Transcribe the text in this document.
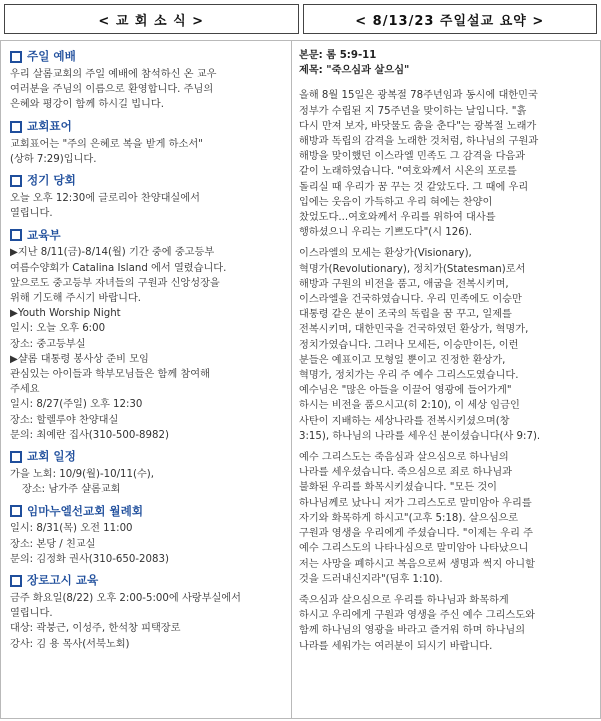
< 교 회 소 식 >	< 8/13/23 주일설교 요약 >
주일 예배
우리 살롬교회의 주일 예배에 참석하신 온 교우
여러분을 주님의 이름으로 환영합니다. 주님의
은혜와 평강이 함께 하시길 빕니다.
교회표어
교회표어는 "주의 은혜로 복을 받게 하소서"
(상하 7:29)입니다.
정기 당회
오늘 오후 12:30에 글로리아 찬양대실에서
열립니다.
교육부
▶지난 8/11(금)-8/14(월) 기간 중에 중고등부
여름수양회가 Catalina Island 에서 열렸습니다.
앞으로도 중고등부 자녀들의 구원과 신앙성장을
위해 기도해 주시기 바랍니다.
▶Youth Worship Night
일시: 오늘 오후 6:00
장소: 중고등부실
▶샬롬 대통령 봉사상 준비 모임
관심있는 아이들과 학부모님들은 함께 참여해
주세요
일시: 8/27(주일) 오후 12:30
장소: 할렐루야 찬양대실
문의: 최예란 집사(310-500-8982)
교회 일정
가을 노회: 10/9(월)-10/11(수),
장소: 남가주 샬롬교회
임마누엘선교회 월례회
일시: 8/31(목) 오전 11:00
장소: 본당 / 친교실
문의: 김정화 권사(310-650-2083)
장로고시 교육
금주 화요일(8/22) 오후 2:00-5:00에 사랑부실에서
열립니다.
대상: 곽붕근, 이성주, 한석창 피택장로
강사: 김 용 목사(서북노회)
본문: 롬 5:9-11
제목: "죽으심과 살으심"
올해 8월 15일은 광복절 78주년임과 동시에 대한민국
정부가 수립된 지 75주년을 맞이하는 날입니다. "흙
다시 만져 보자, 바닷물도 춤을 춘다"는 광복절 노래가
해방과 독립의 감격을 노래한 것처럼, 하나님의 구원과
해방을 맞이했던 이스라엘 민족도 그 감격을 다음과
같이 노래하였습니다. "여호와께서 시온의 포로를
돌리실 때 우리가 꿈 꾸는 것 같았도다. 그 때에 우리
입에는 웃음이 가득하고 우리 혀에는 찬양이
찼었도다...여호와께서 우리를 위하여 대사를
행하셨으니 우리는 기쁘도다"(시 126).
이스라엘의 모세는 환상가(Visionary),
혁명가(Revolutionary), 정치가(Statesman)로서
해방과 구원의 비전을 품고, 애굽을 전복시키며,
이스라엘을 건국하였습니다. 우리 민족에도 이승만
대통령 같은 분이 조국의 독립을 꿈 꾸고, 일제를
전복시키며, 대한민국을 건국하였던 환상가, 혁명가,
정치가였습니다. 그러나 모세든, 이승만이든, 이런
분들은 예표이고 모형일 뿐이고 진정한 환상가,
혁명가, 정치가는 우리 주 예수 그리스도였습니다.
예수님은 "많은 아들을 이끌어 영광에 들어가게"
하시는 비전을 품으시고(히 2:10), 이 세상 임금인
사탄이 지배하는 세상나라를 전복시키셨으며(창
3:15), 하나님의 나라를 세우신 분이셨습니다(사 9:7).
예수 그리스도는 죽음심과 살으심으로 하나님의
나라를 세우셨습니다. 죽으심으로 죄로 하나님과
불화된 우리를 화목시키셨습니다. "모든 것이
하나님께로 났나니 저가 그리스도로 말미암아 우리를
자기와 화목하게 하시고"(고후 5:18). 살으심으로
구원과 영생을 우리에게 주셨습니다. "이제는 우리 주
예수 그리스도의 나타나심으로 말미암아 나타났으니
저는 사망을 폐하시고 복음으로써 생명과 썩지 아니할
것을 드러내신지라"(딤후 1:10).
죽으심과 살으심으로 우리를 하나님과 화목하게
하시고 우리에게 구원과 영생을 주신 예수 그리스도와
함께 하나님의 영광을 바라고 즐거워 하며 하나님의
나라를 세워가는 여러분이 되시기 바랍니다.
